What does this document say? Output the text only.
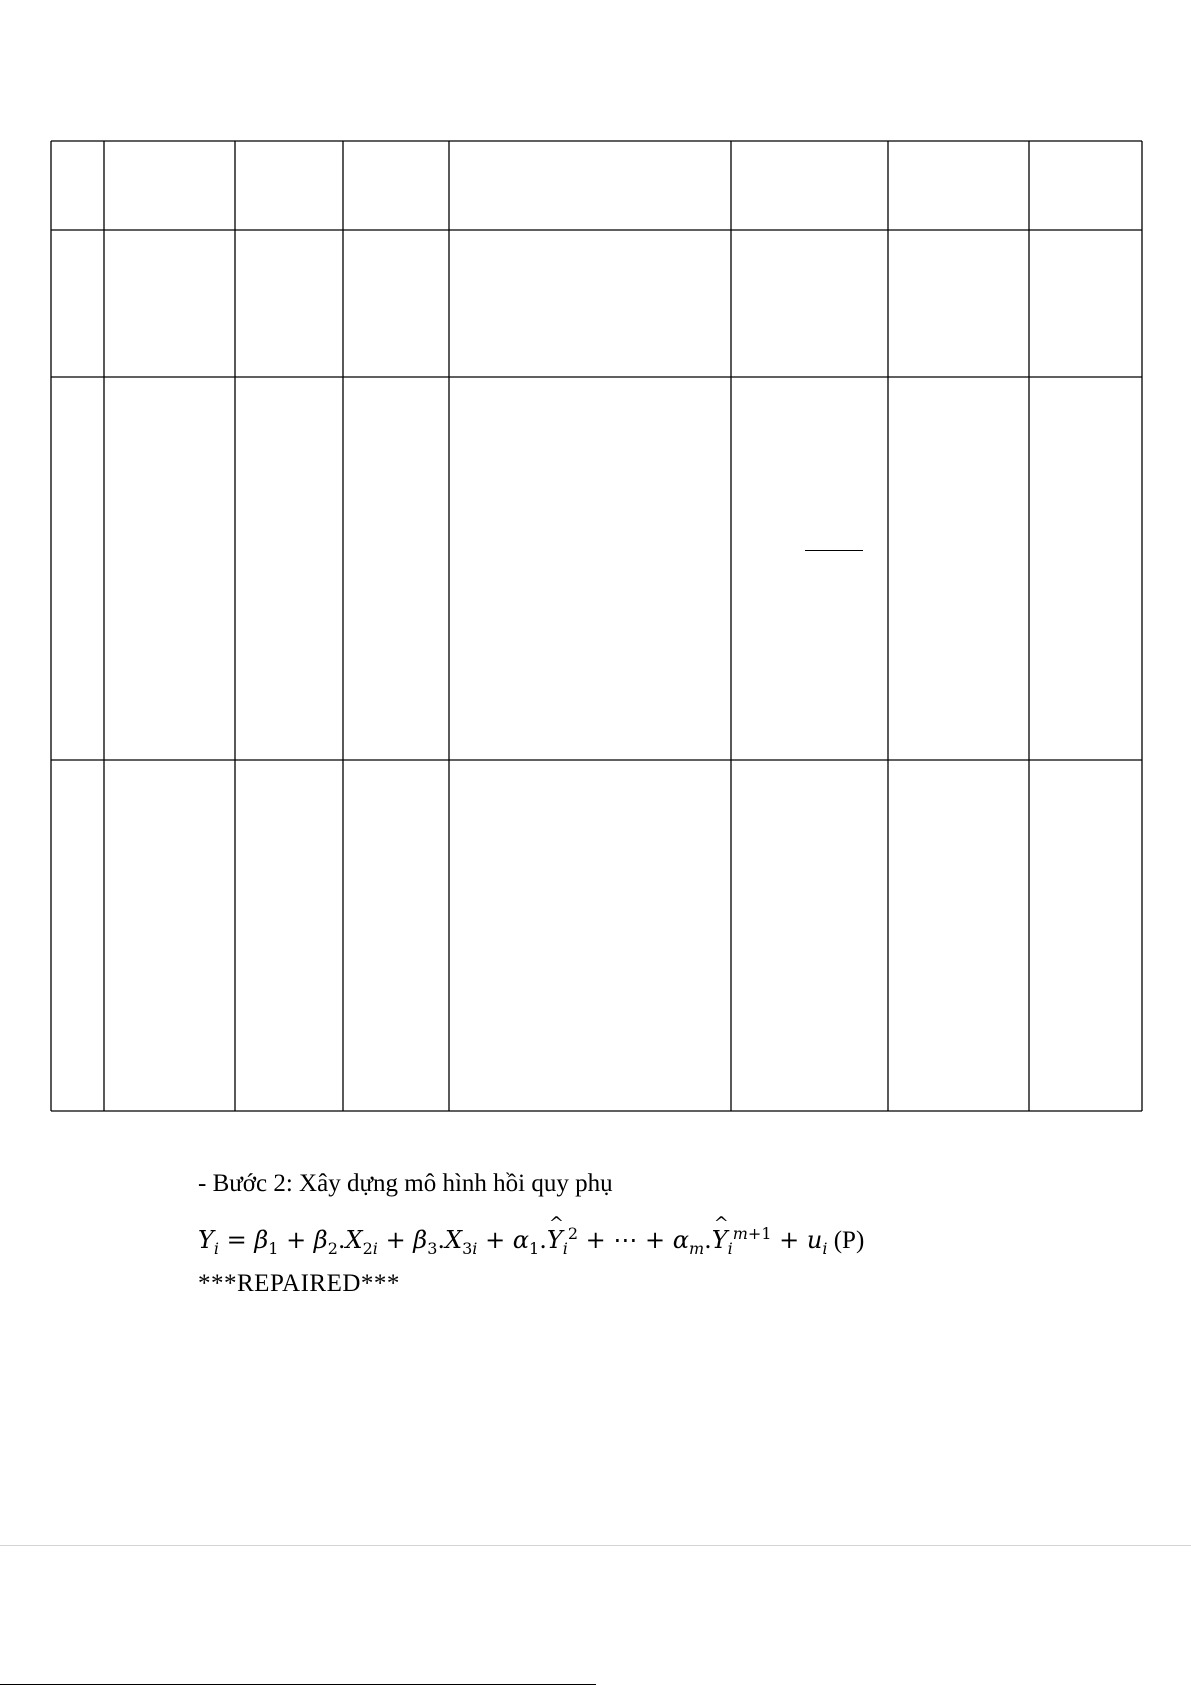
- Bước 2: Xây dựng mô hình hồi quy phụ
$Y_i = \beta_1 + \beta_2.X_{2i} + \beta_3.X_{3i}$ + $\alpha_1.\^{}$ $Y_i^2$ + ⋯ + $\alpha_m.\^{}$ $Y_i^{m+1} + u_i$ (P)
***REPAIRED***
